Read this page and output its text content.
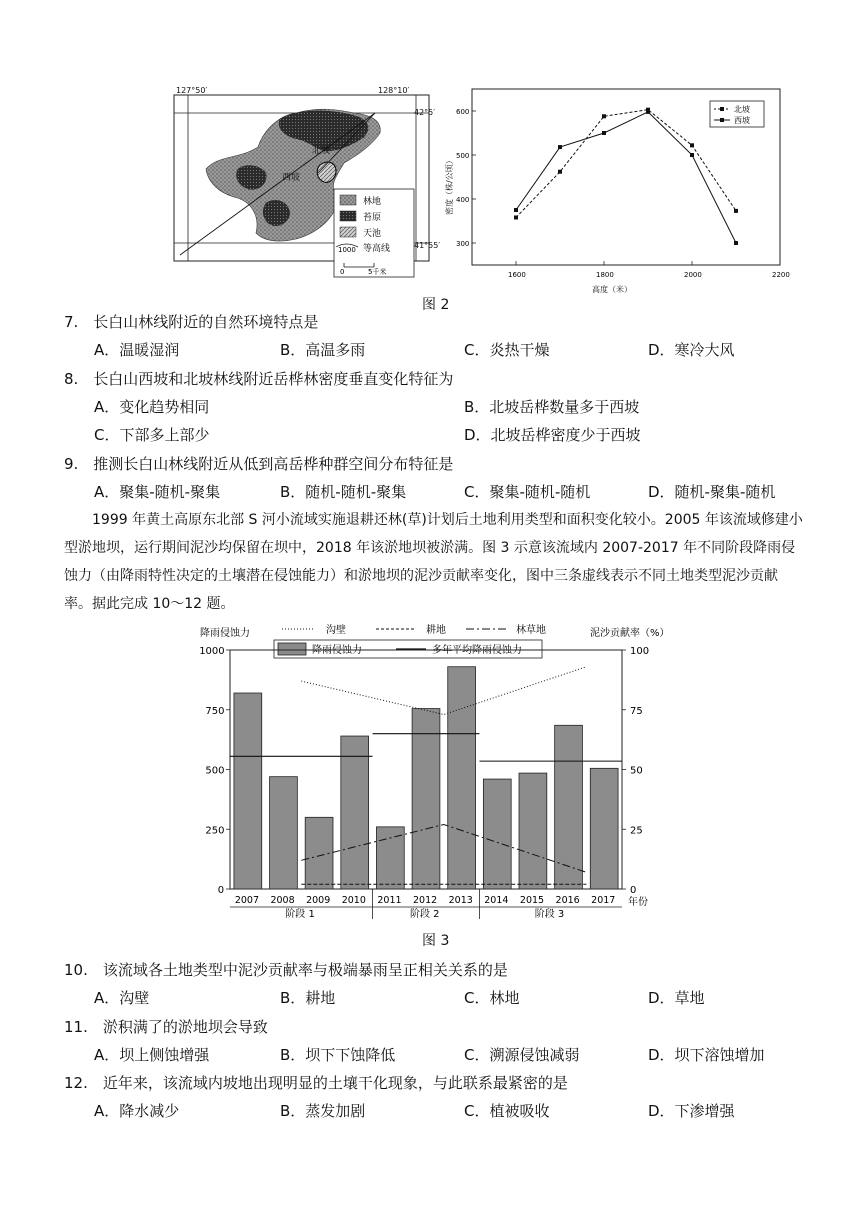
127°50′	128°10′
42°5′
41°55′
北坡
西坡
林地
苔原
天池
1000 等高线
0	5千米
密度（株/公顷）
高度（米）
1600	1800	2000	2200
300
400
500
600	北坡
西坡
图 2
7.　长白山林线附近的自然环境特点是
A．温暖湿润	B．高温多雨	C．炎热干燥	D．寒冷大风
8.　长白山西坡和北坡林线附近岳桦林密度垂直变化特征为
A．变化趋势相同	B．北坡岳桦数量多于西坡
C．下部多上部少	D．北坡岳桦密度少于西坡
9.　推测长白山林线附近从低到高岳桦种群空间分布特征是
A．聚集-随机-聚集	B．随机-随机-聚集	C．聚集-随机-随机	D．随机-聚集-随机
1999 年黄土高原东北部 S 河小流域实施退耕还林(草)计划后土地利用类型和面积变化较小。2005 年该流域修建小型淤地坝，运行期间泥沙均保留在坝中，2018 年该淤地坝被淤满。图 3 示意该流域内 2007-2017 年不同阶段降雨侵蚀力（由降雨特性决定的土壤潜在侵蚀能力）和淤地坝的泥沙贡献率变化，图中三条虚线表示不同土地类型泥沙贡献率。据此完成 10～12 题。
降雨侵蚀力	泥沙贡献率（%）
沟壁	耕地	林草地
降雨侵蚀力	多年平均降雨侵蚀力
阶段 1	阶段 2	阶段 3
0
250
500
750
1000
0
25
50
75
100
2007 2008 2009 2010 2011 2012 2013 2014 2015 2016 2017 年份
图 3
10.　该流域各土地类型中泥沙贡献率与极端暴雨呈正相关关系的是
A．沟壁	B．耕地	C．林地	D．草地
11.　淤积满了的淤地坝会导致
A．坝上侧蚀增强	B．坝下下蚀降低	C．溯源侵蚀减弱	D．坝下溶蚀增加
12.　近年来，该流域内坡地出现明显的土壤干化现象，与此联系最紧密的是
A．降水减少	B．蒸发加剧	C．植被吸收	D．下渗增强
